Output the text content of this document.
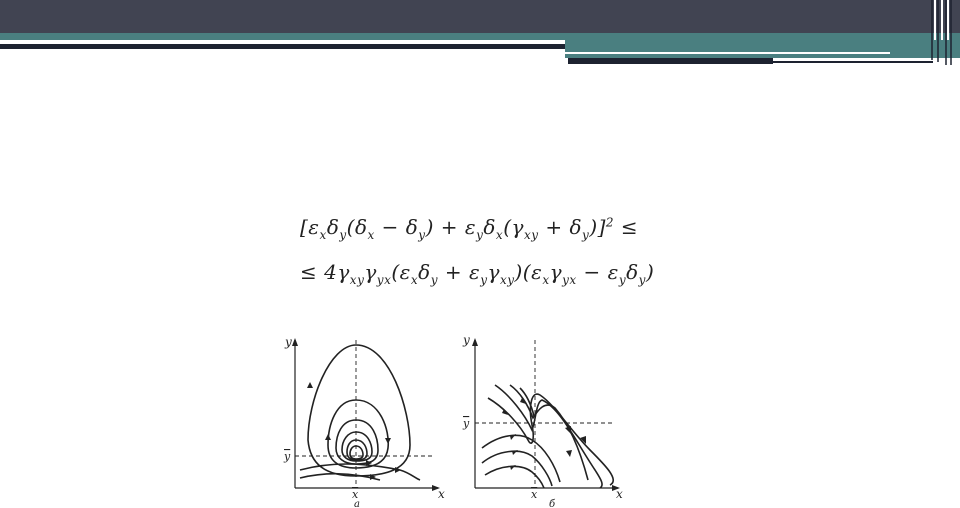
$[\varepsilon_x\delta_y(\delta_x - \delta_y) + \varepsilon_y\delta_x(\gamma_{xy} + \delta_y)]^2$ ≤
≤ $4\gamma_{xy}\gamma_{yx}(\varepsilon_x\delta_y + \varepsilon_y\gamma_{xy})(\varepsilon_x\gamma_{yx} - \varepsilon_y\delta_y)$
y
x
y
x
а
y
x
y
x
б
